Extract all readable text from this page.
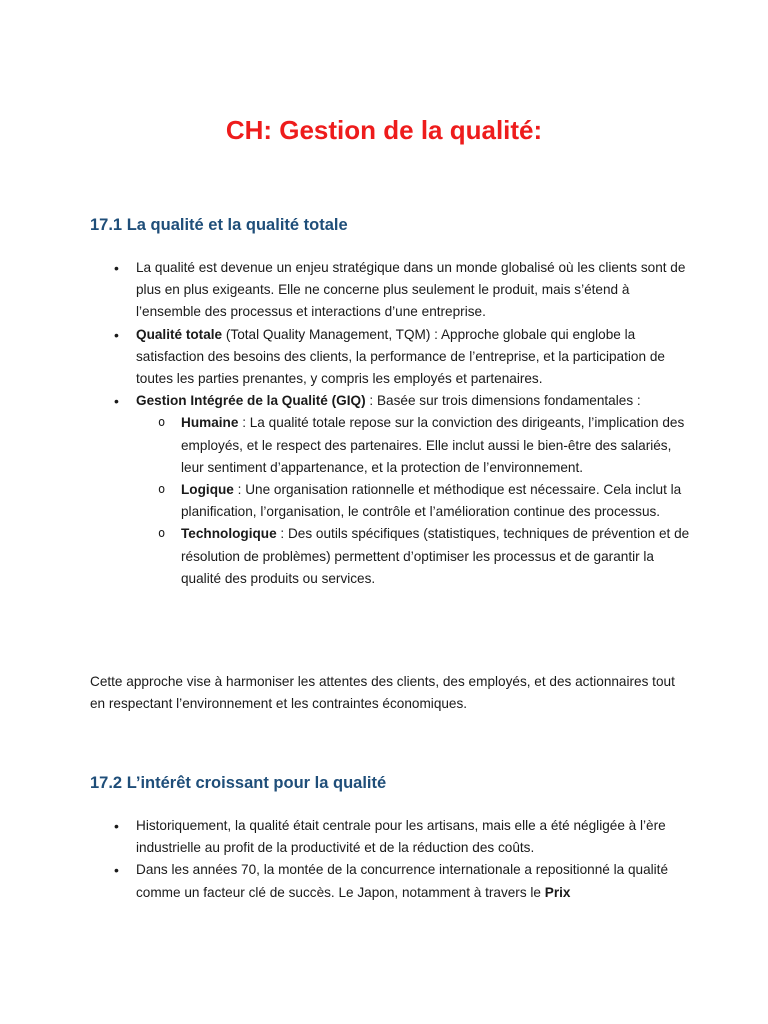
CH: Gestion de la qualité:
17.1 La qualité et la qualité totale
• La qualité est devenue un enjeu stratégique dans un monde globalisé où les clients sont de plus en plus exigeants. Elle ne concerne plus seulement le produit, mais s’étend à l’ensemble des processus et interactions d’une entreprise.
• Qualité totale (Total Quality Management, TQM) : Approche globale qui englobe la satisfaction des besoins des clients, la performance de l’entreprise, et la participation de toutes les parties prenantes, y compris les employés et partenaires.
• Gestion Intégrée de la Qualité (GIQ) : Basée sur trois dimensions fondamentales :
o Humaine : La qualité totale repose sur la conviction des dirigeants, l’implication des employés, et le respect des partenaires. Elle inclut aussi le bien-être des salariés, leur sentiment d’appartenance, et la protection de l’environnement.
o Logique : Une organisation rationnelle et méthodique est nécessaire. Cela inclut la planification, l’organisation, le contrôle et l’amélioration continue des processus.
o Technologique : Des outils spécifiques (statistiques, techniques de prévention et de résolution de problèmes) permettent d’optimiser les processus et de garantir la qualité des produits ou services.

Cette approche vise à harmoniser les attentes des clients, des employés, et des actionnaires tout en respectant l’environnement et les contraintes économiques.

17.2 L’intérêt croissant pour la qualité
• Historiquement, la qualité était centrale pour les artisans, mais elle a été négligée à l’ère industrielle au profit de la productivité et de la réduction des coûts.
• Dans les années 70, la montée de la concurrence internationale a repositionné la qualité comme un facteur clé de succès. Le Japon, notamment à travers le Prix
